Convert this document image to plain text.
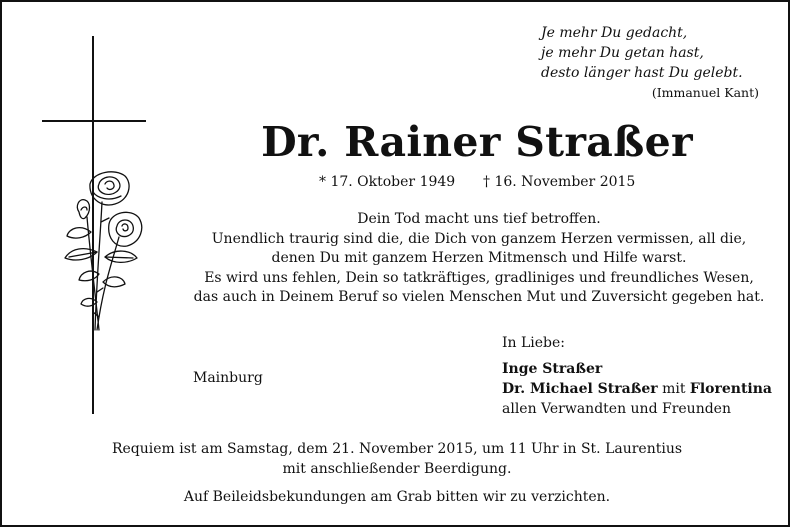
Je mehr Du gedacht,
je mehr Du getan hast,
desto länger hast Du gelebt.
(Immanuel Kant)
Dr. Rainer Straßer
* 17. Oktober 1949 † 16. November 2015
Dein Tod macht uns tief betroffen.
Unendlich traurig sind die, die Dich von ganzem Herzen vermissen, all die,
denen Du mit ganzem Herzen Mitmensch und Hilfe warst.
Es wird uns fehlen, Dein so tatkräftiges, gradliniges und freundliches Wesen,
das auch in Deinem Beruf so vielen Menschen Mut und Zuversicht gegeben hat.
Mainburg
In Liebe:
Inge Straßer
Dr. Michael Straßer mit Florentina
allen Verwandten und Freunden
Requiem ist am Samstag, dem 21. November 2015, um 11 Uhr in St. Laurentius
mit anschließender Beerdigung.
Auf Beileidsbekundungen am Grab bitten wir zu verzichten.
